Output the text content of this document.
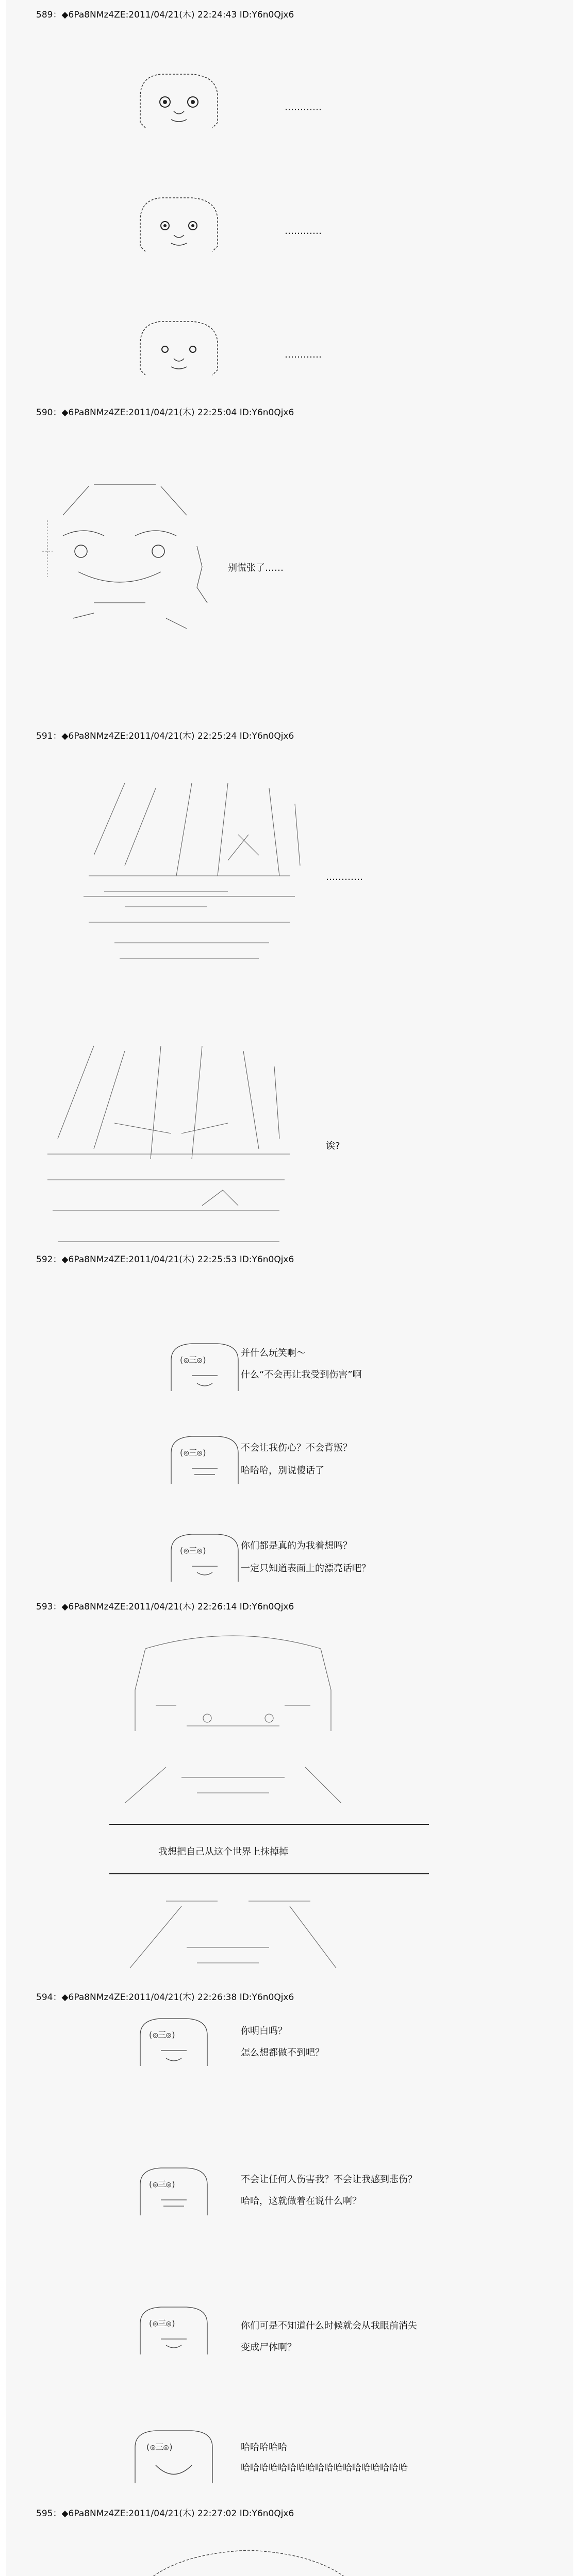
589：◆6Pa8NMz4ZE:2011/04/21(木) 22:24:43 ID:Y6n0Qjx6
…………
…………
…………
590：◆6Pa8NMz4ZE:2011/04/21(木) 22:25:04 ID:Y6n0Qjx6
别慌张了……
591：◆6Pa8NMz4ZE:2011/04/21(木) 22:25:24 ID:Y6n0Qjx6
…………
诶?
592：◆6Pa8NMz4ZE:2011/04/21(木) 22:25:53 ID:Y6n0Qjx6
(◎三◎)
并什么玩笑啊～
什么“不会再让我受到伤害”啊
(◎三◎)	不会让我伤心？不会背叛？
哈哈哈，别说傻话了
(◎三◎)	你们都是真的为我着想吗？
一定只知道表面上的漂亮话吧？
593：◆6Pa8NMz4ZE:2011/04/21(木) 22:26:14 ID:Y6n0Qjx6
我想把自己从这个世界上抹掉掉
594：◆6Pa8NMz4ZE:2011/04/21(木) 22:26:38 ID:Y6n0Qjx6
(◎三◎)	你明白吗？
怎么想都做不到吧？
(◎三◎)	不会让任何人伤害我？不会让我感到悲伤？
哈哈，这就做着在说什么啊？
(◎三◎)	你们可是不知道什么时候就会从我眼前消失
变成尸体啊？
(◎三◎)	哈哈哈哈哈
哈哈哈哈哈哈哈哈哈哈哈哈哈哈哈哈哈哈
595：◆6Pa8NMz4ZE:2011/04/21(木) 22:27:02 ID:Y6n0Qjx6
